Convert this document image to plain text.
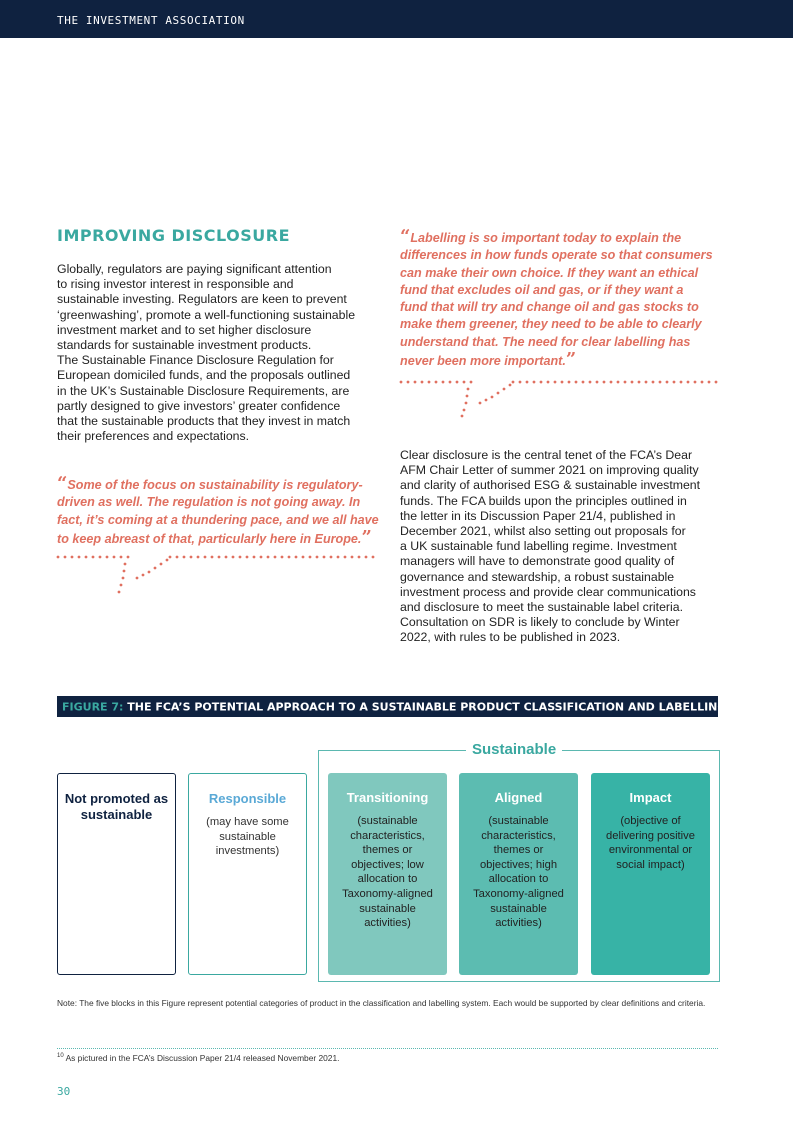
THE INVESTMENT ASSOCIATION
IMPROVING DISCLOSURE
Globally, regulators are paying significant attention
to rising investor interest in responsible and
sustainable investing. Regulators are keen to prevent
‘greenwashing’, promote a well-functioning sustainable
investment market and to set higher disclosure
standards for sustainable investment products.
The Sustainable Finance Disclosure Regulation for
European domiciled funds, and the proposals outlined
in the UK’s Sustainable Disclosure Requirements, are
partly designed to give investors’ greater confidence
that the sustainable products that they invest in match
their preferences and expectations.
“Some of the focus on sustainability is regulatory-
driven as well. The regulation is not going away. In
fact, it’s coming at a thundering pace, and we all have
to keep abreast of that, particularly here in Europe.”
“Labelling is so important today to explain the
differences in how funds operate so that consumers
can make their own choice. If they want an ethical
fund that excludes oil and gas, or if they want a
fund that will try and change oil and gas stocks to
make them greener, they need to be able to clearly
understand that. The need for clear labelling has
never been more important.”
Clear disclosure is the central tenet of the FCA’s Dear
AFM Chair Letter of summer 2021 on improving quality
and clarity of authorised ESG & sustainable investment
funds. The FCA builds upon the principles outlined in
the letter in its Discussion Paper 21/4, published in
December 2021, whilst also setting out proposals for
a UK sustainable fund labelling regime. Investment
managers will have to demonstrate good quality of
governance and stewardship, a robust sustainable
investment process and provide clear communications
and disclosure to meet the sustainable label criteria.
Consultation on SDR is likely to conclude by Winter
2022, with rules to be published in 2023.
FIGURE 7: THE FCA’S POTENTIAL APPROACH TO A SUSTAINABLE PRODUCT CLASSIFICATION AND LABELLING SYSTEM$^{10}$
Sustainable
Not promoted as sustainable
Responsible
(may have some sustainable investments)
Transitioning
(sustainable characteristics, themes or objectives; low allocation to Taxonomy-aligned sustainable activities)
Aligned
(sustainable characteristics, themes or objectives; high allocation to Taxonomy-aligned sustainable activities)
Impact
(objective of delivering positive environmental or social impact)
Note: The five blocks in this Figure represent potential categories of product in the classification and labelling system. Each would be supported by clear definitions and criteria.
$^{10}$ As pictured in the FCA’s Discussion Paper 21/4 released November 2021.
30
